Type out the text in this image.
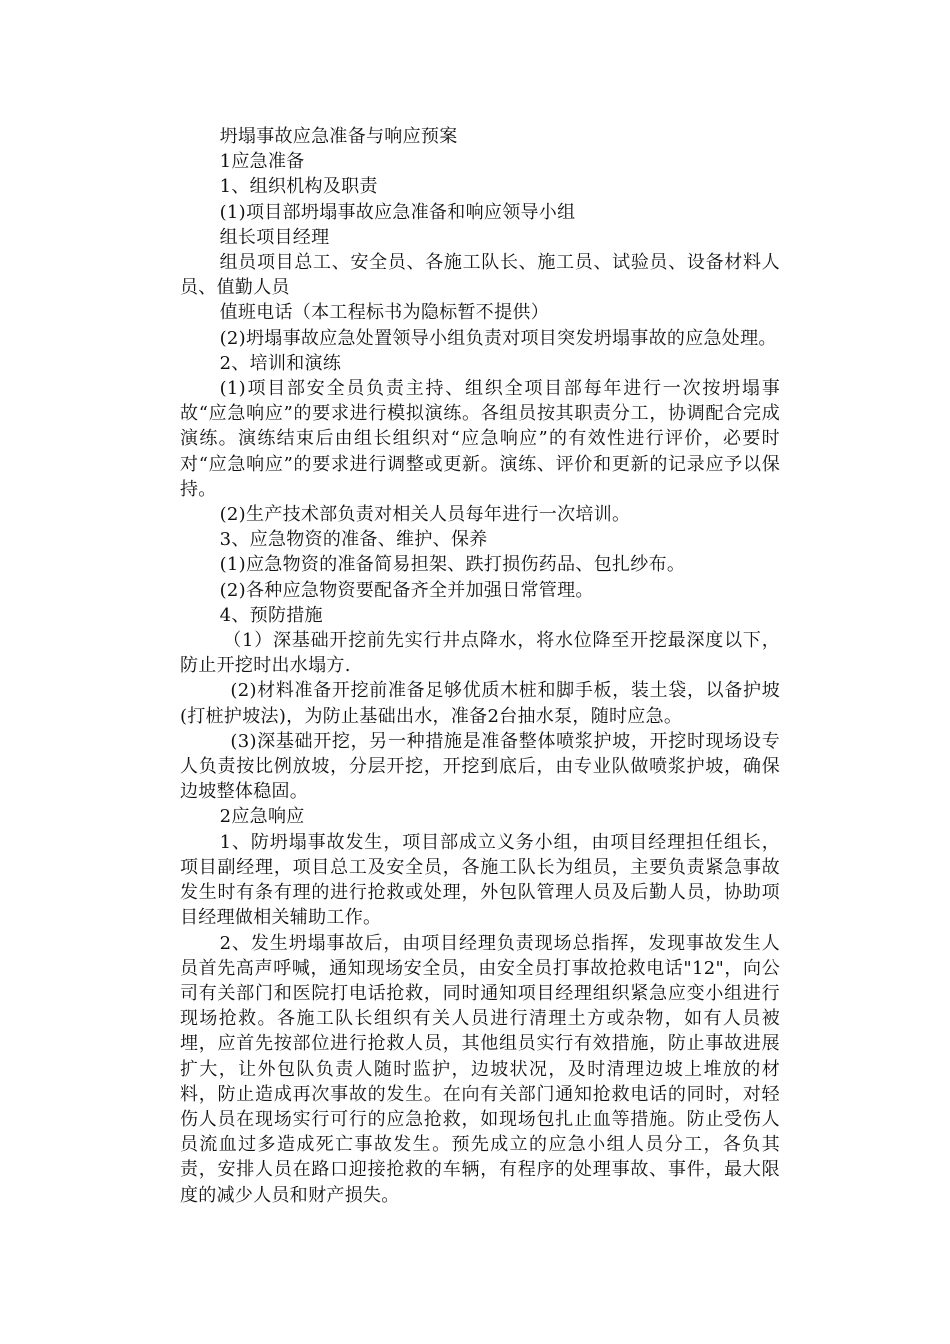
坍塌事故应急准备与响应预案

1应急准备

1、组织机构及职责

(1)项目部坍塌事故应急准备和响应领导小组

组长项目经理

组员项目总工、安全员、各施工队长、施工员、试验员、设备材料人员、值勤人员

值班电话（本工程标书为隐标暂不提供）

(2)坍塌事故应急处置领导小组负责对项目突发坍塌事故的应急处理。

2、培训和演练

(1)项目部安全员负责主持、组织全项目部每年进行一次按坍塌事故“应急响应”的要求进行模拟演练。各组员按其职责分工，协调配合完成演练。演练结束后由组长组织对“应急响应”的有效性进行评价，必要时对“应急响应”的要求进行调整或更新。演练、评价和更新的记录应予以保持。

(2)生产技术部负责对相关人员每年进行一次培训。

3、应急物资的准备、维护、保养

(1)应急物资的准备简易担架、跌打损伤药品、包扎纱布。

(2)各种应急物资要配备齐全并加强日常管理。

4、预防措施

（1）深基础开挖前先实行井点降水，将水位降至开挖最深度以下，防止开挖时出水塌方.

(2)材料准备开挖前准备足够优质木桩和脚手板，装土袋，以备护坡(打桩护坡法)，为防止基础出水，准备2台抽水泵，随时应急。

(3)深基础开挖，另一种措施是准备整体喷浆护坡，开挖时现场设专人负责按比例放坡，分层开挖，开挖到底后，由专业队做喷浆护坡，确保边坡整体稳固。

2应急响应

1、防坍塌事故发生，项目部成立义务小组，由项目经理担任组长，项目副经理，项目总工及安全员，各施工队长为组员，主要负责紧急事故发生时有条有理的进行抢救或处理，外包队管理人员及后勤人员，协助项目经理做相关辅助工作。

2、发生坍塌事故后，由项目经理负责现场总指挥，发现事故发生人员首先高声呼喊，通知现场安全员，由安全员打事故抢救电话"12"，向公司有关部门和医院打电话抢救，同时通知项目经理组织紧急应变小组进行现场抢救。各施工队长组织有关人员进行清理土方或杂物，如有人员被埋，应首先按部位进行抢救人员，其他组员实行有效措施，防止事故进展扩大，让外包队负责人随时监护，边坡状况，及时清理边坡上堆放的材料，防止造成再次事故的发生。在向有关部门通知抢救电话的同时，对轻伤人员在现场实行可行的应急抢救，如现场包扎止血等措施。防止受伤人员流血过多造成死亡事故发生。预先成立的应急小组人员分工，各负其责，安排人员在路口迎接抢救的车辆，有程序的处理事故、事件，最大限度的减少人员和财产损失。
